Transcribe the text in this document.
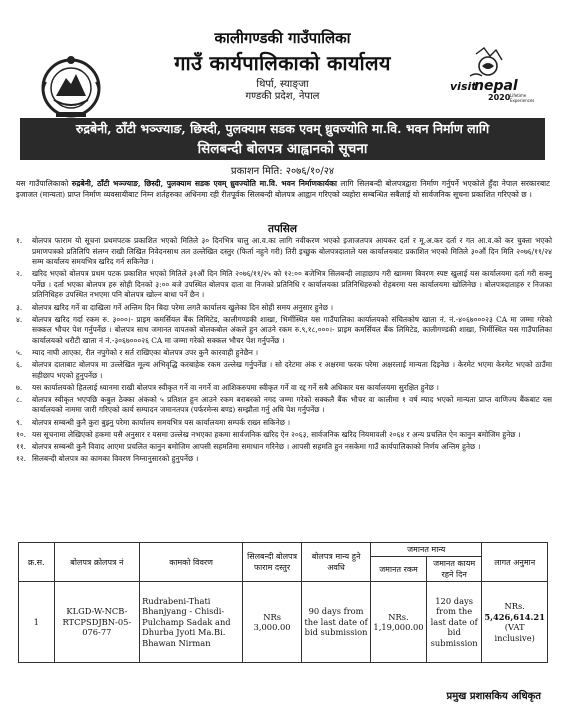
visit
nepal
2020 Lifetime
Experiences
कालीगण्डकी गाउँपालिका
गाउँ कार्यपालिकाको कार्यालय
थिर्पा, स्याङ्जा
गण्डकी प्रदेश, नेपाल
रुद्रबेनी, ठाँटी भञ्ज्याङ, छिस्दी, पुलक्याम सडक एवम् ध्रुवज्योति मा.वि. भवन निर्माण लागि
सिलबन्दी बोलपत्र आह्वानको सूचना
प्रकाशन मिति: २०७६/१०/२४
यस गाउँपालिकाको रुद्रबेनी, ठाँटी भञ्ज्याङ, छिस्दी, पुलक्याम सडक एवम् ध्रुवज्योति मा.वि. भवन निर्माणकार्यका लागि सिलबन्दी बोलपत्रद्वारा निर्माण गर्नुपर्ने भएकोले हुँदा नेपाल सरकारबाट इजाजत (मान्यता) प्राप्त निर्माण व्यवसायीबाट निम्न शर्तहरुका अधिनमा रही रीतपूर्वक सिलबन्दी बोलपत्र आह्वान गरिएको व्यहोरा सम्बन्धित सबैलाई यो सार्वजनिक सूचना प्रकाशित गरिएको छ ।
तपसिल
१.	बोलपत्र फाराम यो सूचना प्रथमपटक प्रकाशित भएको मितिले ३० दिनभित्र चालु आ.व.का लागि नवीकरण भएको इजाजतपत्र आयकर दर्ता र मू.अ.कर दर्ता र गत आ.व.को कर चुक्ता भएको प्रमाणपत्रको प्रतिलिपि संलग्न राखी लिखित निवेदनसाथ तल उल्लेखित दस्तुर (फिर्ता नहुने गरी) तिरी इच्छुक बोलपत्रदाताले यस कार्यालयबाट प्रकाशित भएको मितिले ३०औं दिन मिति २०७६/११/२४ सम्म कार्यालय समयभित्र खरिद गर्न सकिनेछ ।
२.	खरिद भएको बोलपत्र प्रथम पटक प्रकाशित भएको मितिले ३१औं दिन मिति २०७६/११/२५ को १२:०० बजेभित्र सिलबन्दी लाहाछाप गरी खाममा बिवरण स्पष्ट खुलाई यस कार्यालयमा दर्ता गरी सक्नु पर्नेछ । दर्ता भएका बोलपत्र हरु सोही दिनको ३:०० बजे उपस्थित बोलपत्र दाता वा निजको प्रतिनिधि र कार्यालयका प्रतिनिधिहरुको रोहबरमा यस कार्यालयमा खोलिनेछ । बोलपत्रदाताहरु र निजका प्रतिनिधिहरु उपस्थित नभएमा पनि बोलपत्र खोल्न बाधा पर्ने छैन ।
३.	बोलपत्र खरिद गर्ने वा दाखिला गर्ने अन्तिम दिन बिदा परेमा लगतै कार्यालय खुलेका दिन सोही समय अनुसार हुनेछ ।
४.	बोलपत्र खरिद गर्दा रकम रु. ३०००।- प्राइम कमर्सियल बैंक लिमिटेड, कालीगण्डकी शाखा, भिर्मीस्थित यस गाउँपालिका कार्यालयको संचितकोष खाता नं. नं.-४०६७०००२३ CA मा जम्मा गरेको सक्कल भौचर पेश गर्नुपर्नेछ । बोलपत्र साथ जमानत वापतको बोलकबोल अंकले हुन आउने रकम रु.९,१८,०००।- प्राइम कमर्सियल बैंक लिमिटेड, कालीगण्डकी शाखा, भिर्मीस्थित यस गाउँपालिका कार्यालयको धरौटी खाता नं नं.-३०६७०००२६ CA मा जम्मा गरेको सक्कल भौचर पेश गर्नुपर्नेछ ।
५.	म्याद नाघी आएका, रीत नपुगेको र सर्त राखिएका बोलपत्र उपर कुनै कारवाही हुनेछैन ।
६.	बोलपत्र दाताबाट बोलपत्र मा उल्लेखित मूल्य अभिवृद्धि करबाहेक रकम उल्लेख गर्नुपर्नेछ । सो दरेटमा अंक र अक्षरमा फरक परेमा अक्षरलाई मान्यता दिइनेछ । केरमेट भएमा केरमेट भएको ठाउँमा सहीछाप भएको हुनुपर्नेछ ।
७.	यस कार्यालयको हितलाई ध्यानमा राखी बोलपत्र स्वीकृत गर्ने वा नगर्ने वा आंशिकरुपमा स्वीकृत गर्ने वा रद्द गर्ने सबै अधिकार यस कार्यालयमा सुरक्षित हुनेछ ।
८.	बोलपत्र स्वीकृत भएपछि कबुल ठेक्का अंकको ५ प्रतिशत हुन आउने रकम बराबरको नगद जम्मा गरेको सक्कलै बैंक भौचर वा कालीमा १ वर्ष म्याद भएको मान्यता प्राप्त वाणिज्य बैंकबाट यस कार्यालयको नाममा जारी गरिएको कार्य सम्पादन जमानतपत्र (पर्फरमेन्स बण्ड) सम्झौता गर्नु अघि पेश गर्नुपर्नेछ ।
९.	बोलपत्र सम्बन्धी कुनै कुरा बुझ्नु परेमा कार्यालय समयभित्र यस कार्यालयमा सम्पर्क राख्न सकिनेछ ।
१०. यस सूचनामा लेखिएको हकमा यसै अनुसार र यसमा उल्लेख नभएका हकमा सार्वजनिक खरिद ऐन २०६३, सार्वजनिक खरिद नियमावली २०६४ र अन्य प्रचलित ऐन कानुन बमोजिम हुनेछ ।
११. बोलपत्र सम्बन्धी कुनै विवाद आएमा प्रचलित कानुन बमोजिम आपसी सहमतिमा समाधान गरिनेछ । आपसी सहमति हुन नसकेमा गाउँ कार्यपालिकाको निर्णय अन्तिम हुनेछ ।
१२. सिलबन्दी बोलपत्र का कामका विवरण निम्नानुसारको हुनुपर्नेछ ।
क्र.स.	बोलपत्र क्रोलपत्र नं	कामको विवरण	सिलबन्दी बोलपत्र फाराम दस्तुर	बोलपत्र मान्य हुने अवधि	जमानत मान्य		लागत अनुमान
					जमानत रकम	जमानत कायम रहने दिन	
1	KLGD-W-NCB-RTCPSDJBN-05- 076-77	Rudrabeni-Thati Bhanjyang - Chisdi-Pulchamp Sadak and Dhurba Jyoti Ma.Bi. Bhawan Nirman	NRs 3,000.00	90 days from the last date of bid submission	NRs. 1,19,000.00	120 days from the last date of bid submission	NRs.
5,426,614.21
(VAT inclusive)
प्रमुख प्रशासकिय अधिकृत
